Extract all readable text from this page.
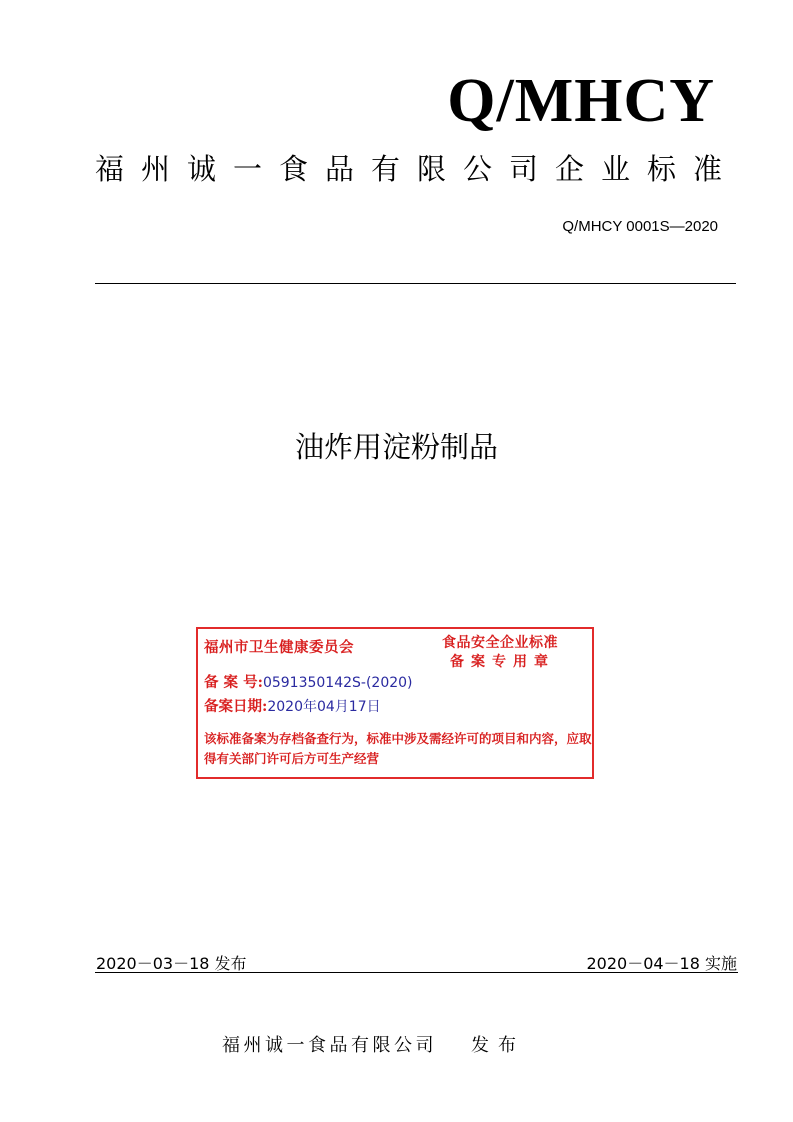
Q/MHCY
福州诚一食品有限公司企业标准
Q/MHCY 0001S—2020
油炸用淀粉制品
福州市卫生健康委员会	食品安全企业标准
备案专用章
备 案 号:0591350142S-(2020)
备案日期:2020年04月17日
该标准备案为存档备查行为，标准中涉及需经许可的项目和内容，应取得有关部门许可后方可生产经营
2020－03－18 发布	2020－04－18 实施
福州诚一食品有限公司 发布
